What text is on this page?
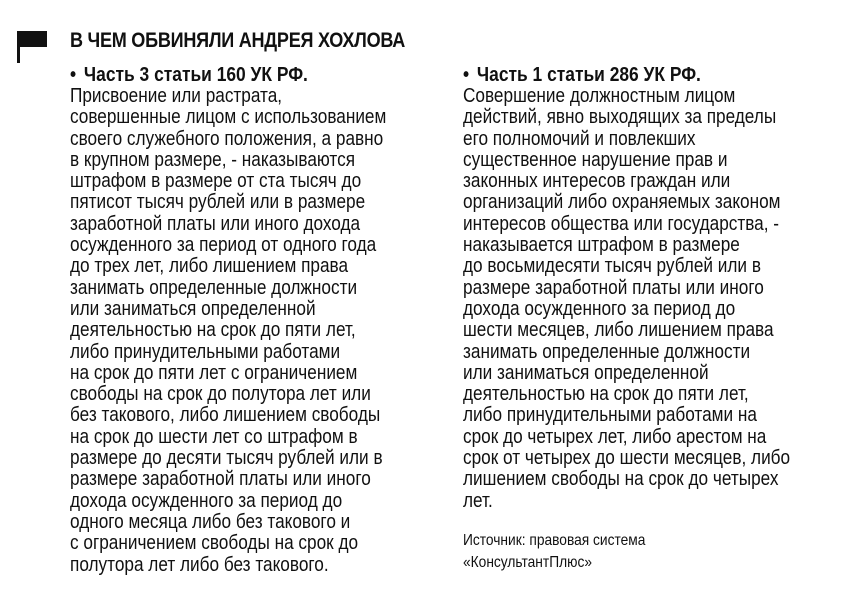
В ЧЕМ ОБВИНЯЛИ АНДРЕЯ ХОХЛОВА
• Часть 3 статьи 160 УК РФ.
Присвоение или растрата,
совершенные лицом с использованием
своего служебного положения, а равно
в крупном размере, - наказываются
штрафом в размере от ста тысяч до
пятисот тысяч рублей или в размере
заработной платы или иного дохода
осужденного за период от одного года
до трех лет, либо лишением права
занимать определенные должности
или заниматься определенной
деятельностью на срок до пяти лет,
либо принудительными работами
на срок до пяти лет с ограничением
свободы на срок до полутора лет или
без такового, либо лишением свободы
на срок до шести лет со штрафом в
размере до десяти тысяч рублей или в
размере заработной платы или иного
дохода осужденного за период до
одного месяца либо без такового и
с ограничением свободы на срок до
полутора лет либо без такового.
• Часть 1 статьи 286 УК РФ.
Совершение должностным лицом
действий, явно выходящих за пределы
его полномочий и повлекших
существенное нарушение прав и
законных интересов граждан или
организаций либо охраняемых законом
интересов общества или государства, -
наказывается штрафом в размере
до восьмидесяти тысяч рублей или в
размере заработной платы или иного
дохода осужденного за период до
шести месяцев, либо лишением права
занимать определенные должности
или заниматься определенной
деятельностью на срок до пяти лет,
либо принудительными работами на
срок до четырех лет, либо арестом на
срок от четырех до шести месяцев, либо
лишением свободы на срок до четырех
лет.
Источник: правовая система
«КонсультантПлюс»
